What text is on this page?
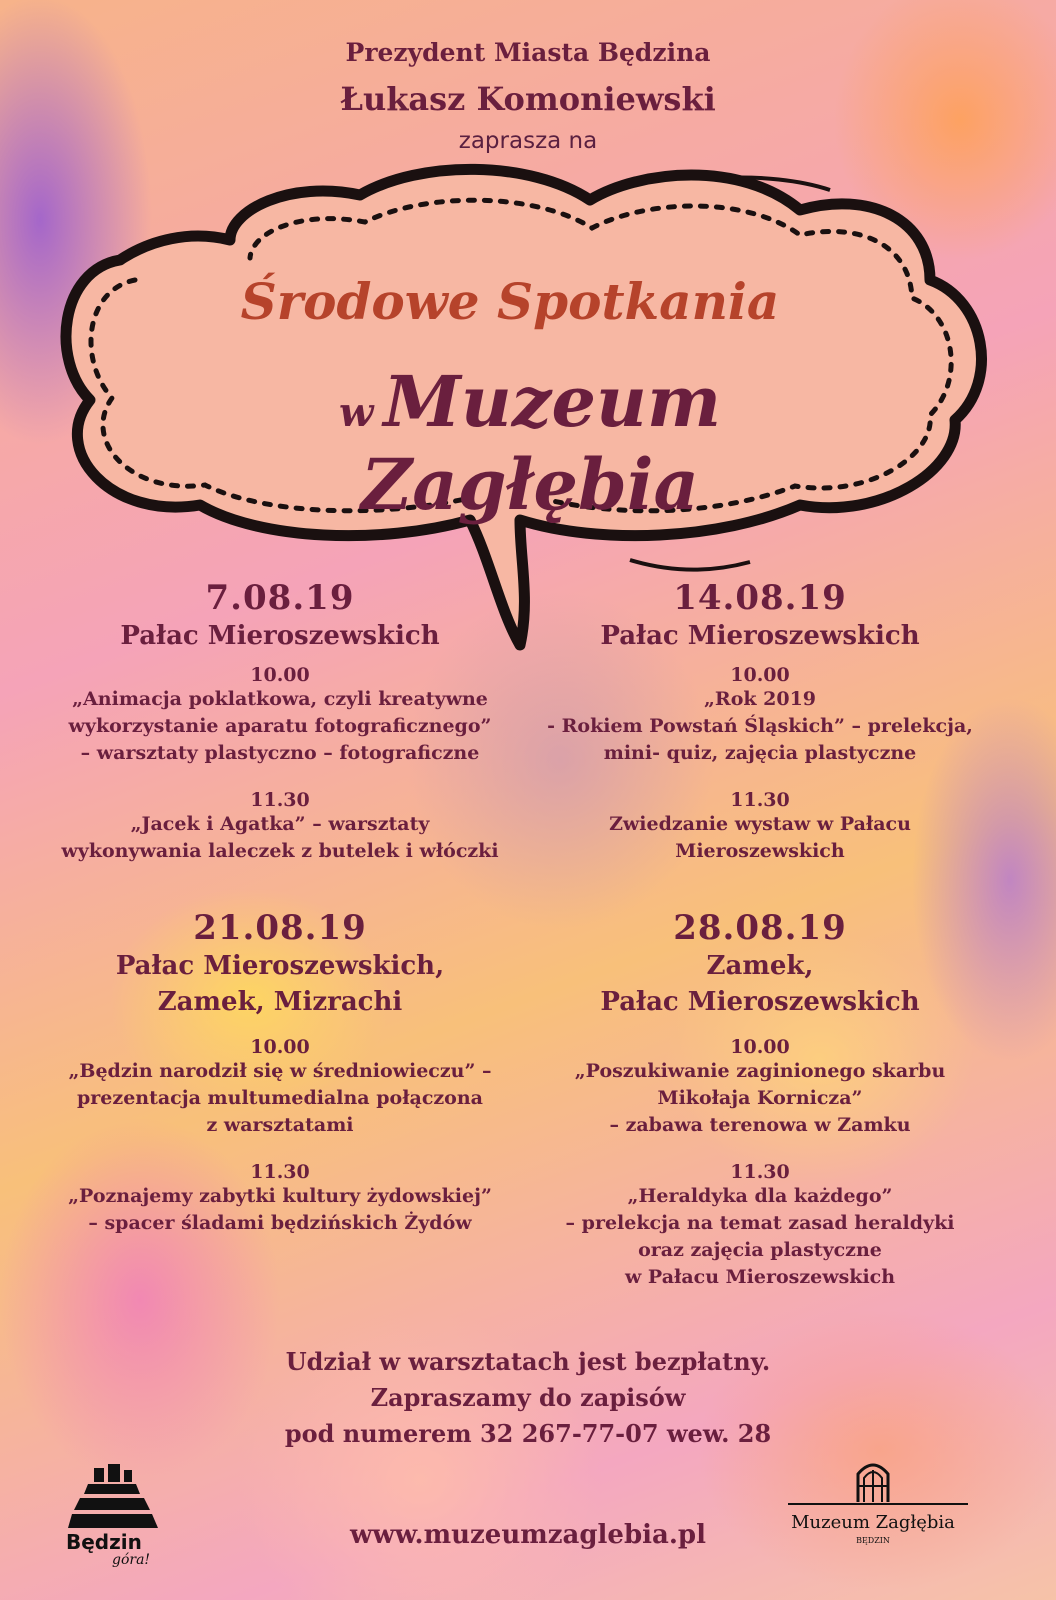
Prezydent Miasta Będzina
Łukasz Komoniewski
zaprasza na
Środowe Spotkania
w Muzeum Zagłębia
7.08.19
Pałac Mieroszewskich
10.00
„Animacja poklatkowa, czyli kreatywne
wykorzystanie aparatu fotograficznego”
– warsztaty plastyczno – fotograficzne
11.30
„Jacek i Agatka” – warsztaty
wykonywania laleczek z butelek i włóczki
14.08.19
Pałac Mieroszewskich
10.00
„Rok 2019
- Rokiem Powstań Śląskich” – prelekcja,
mini- quiz, zajęcia plastyczne
11.30
Zwiedzanie wystaw w Pałacu
Mieroszewskich
21.08.19
Pałac Mieroszewskich,
Zamek, Mizrachi
10.00
„Będzin narodził się w średniowieczu” –
prezentacja multumedialna połączona
z warsztatami
11.30
„Poznajemy zabytki kultury żydowskiej”
– spacer śladami będzińskich Żydów
28.08.19
Zamek,
Pałac Mieroszewskich
10.00
„Poszukiwanie zaginionego skarbu
Mikołaja Kornicza”
– zabawa terenowa w Zamku
11.30
„Heraldyka dla każdego”
– prelekcja na temat zasad heraldyki
oraz zajęcia plastyczne
w Pałacu Mieroszewskich
Udział w warsztatach jest bezpłatny.
Zapraszamy do zapisów
pod numerem 32 267-77-07 wew. 28
www.muzeumzaglebia.pl
Będzin
góra!
Muzeum Zagłębia
BĘDZIN
